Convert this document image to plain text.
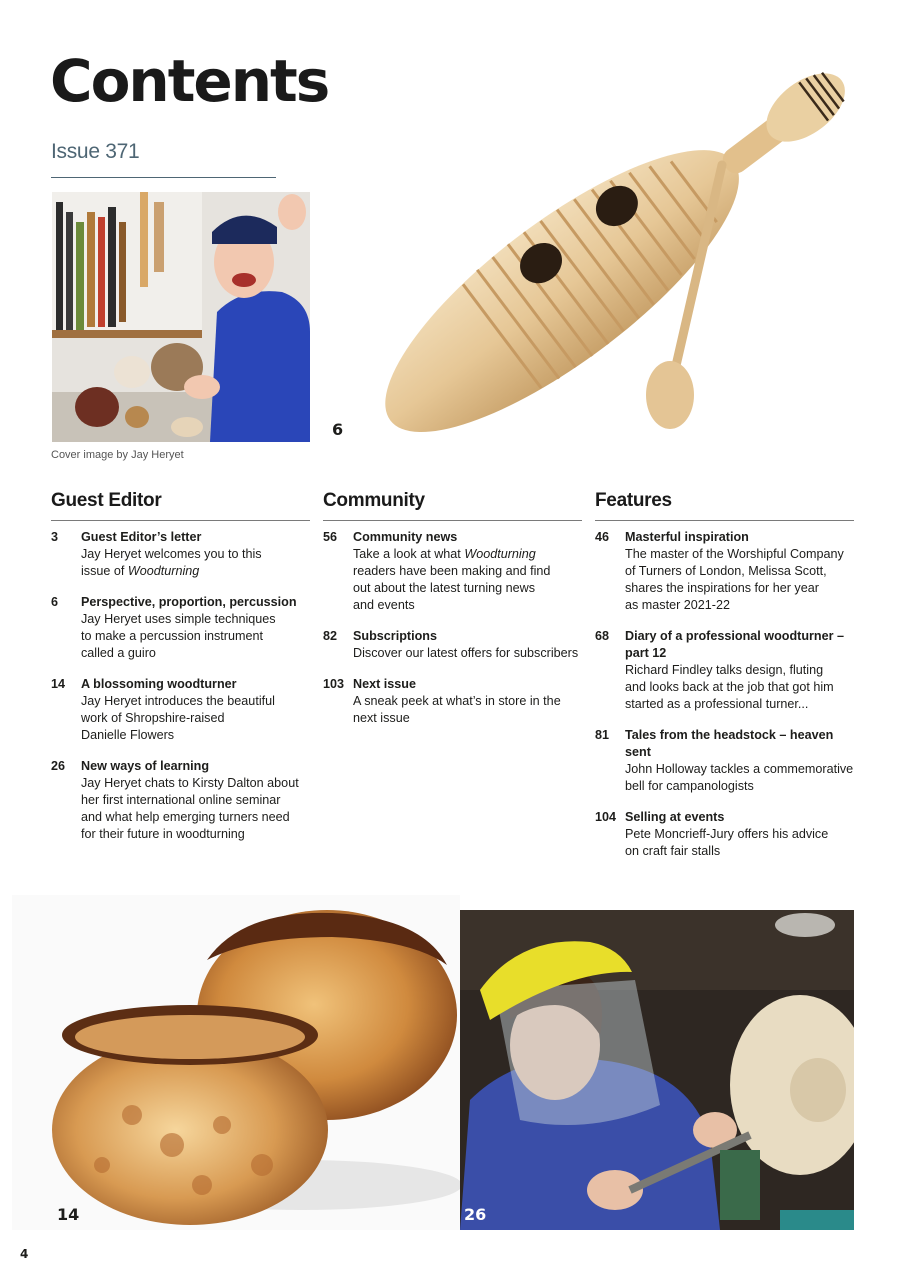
Contents
Issue 371
Cover image by Jay Heryet
6
Guest Editor
3	Guest Editor’s letter
Jay Heryet welcomes you to this
issue of Woodturning
6	Perspective, proportion, percussion
Jay Heryet uses simple techniques
to make a percussion instrument
called a guiro
14	A blossoming woodturner
Jay Heryet introduces the beautiful
work of Shropshire-raised
Danielle Flowers
26	New ways of learning
Jay Heryet chats to Kirsty Dalton about
her first international online seminar
and what help emerging turners need
for their future in woodturning
Community
56	Community news
Take a look at what Woodturning
readers have been making and find
out about the latest turning news
and events
82	Subscriptions
Discover our latest offers for subscribers
103 Next issue
A sneak peek at what’s in store in the
next issue
Features
46	Masterful inspiration
The master of the Worshipful Company
of Turners of London, Melissa Scott,
shares the inspirations for her year
as master 2021-22
68	Diary of a professional woodturner – part 12
Richard Findley talks design, fluting
and looks back at the job that got him
started as a professional turner...
81	Tales from the headstock – heaven sent
John Holloway tackles a commemorative
bell for campanologists
104 Selling at events
Pete Moncrieff-Jury offers his advice
on craft fair stalls
14	26
4
